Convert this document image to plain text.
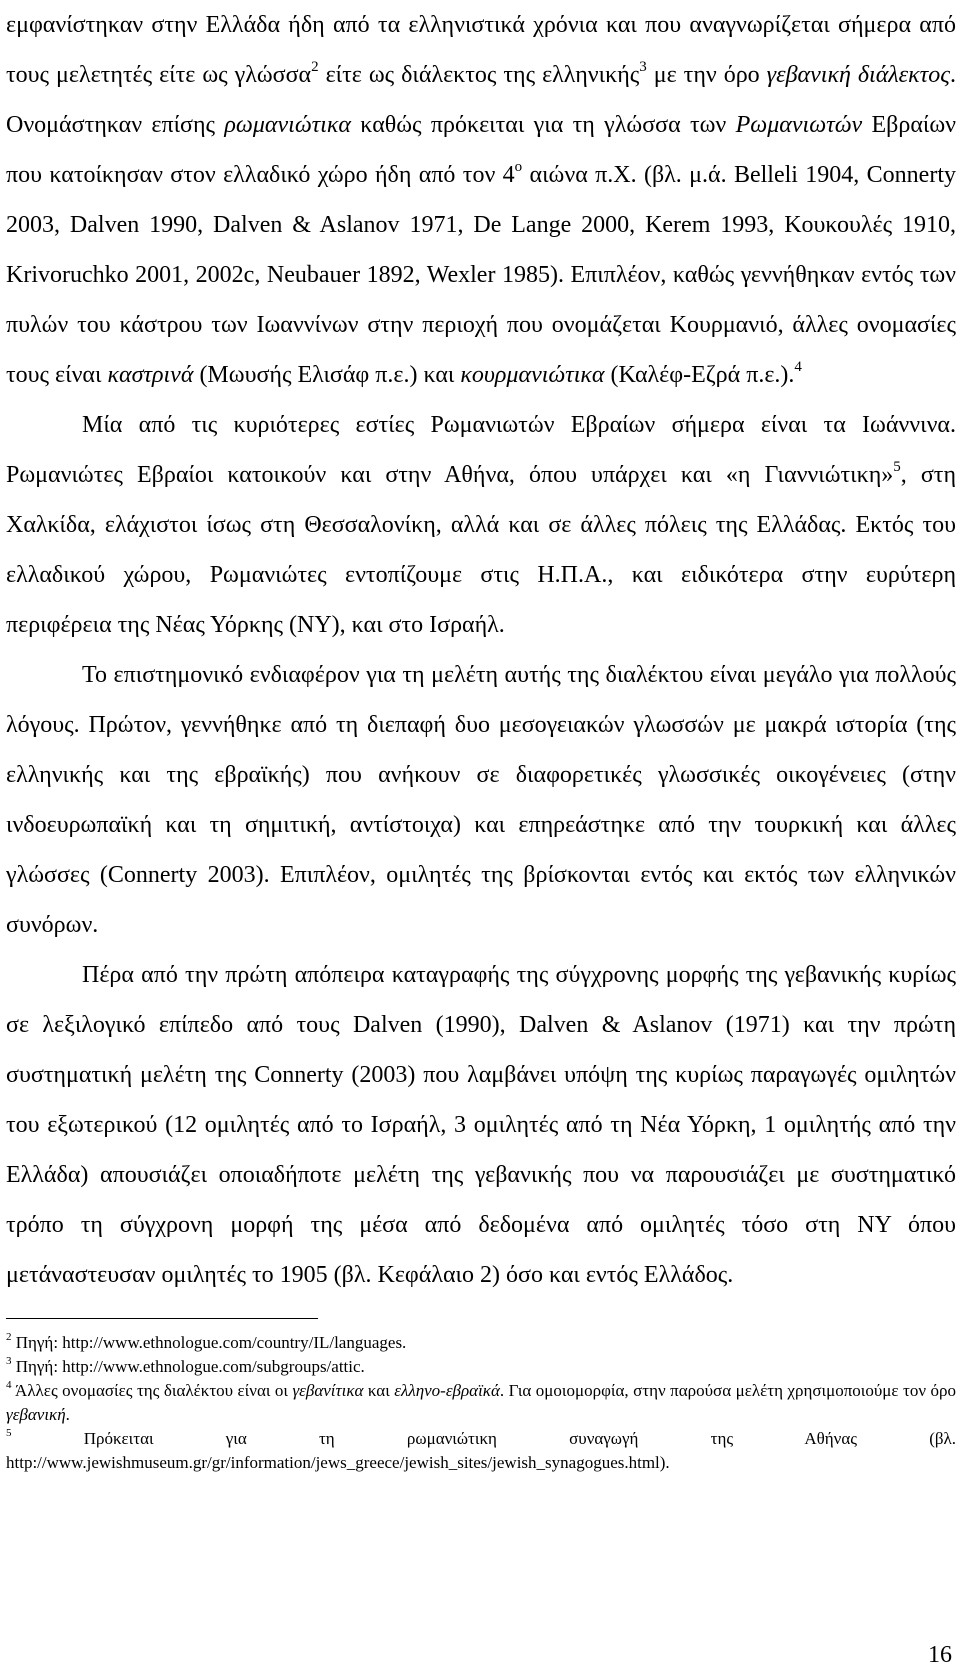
εμφανίστηκαν στην Ελλάδα ήδη από τα ελληνιστικά χρόνια και που αναγνωρίζεται σήμερα από τους μελετητές είτε ως γλώσσα$^2$ είτε ως διάλεκτος της ελληνικής$^3$ με την όρο γεβανική διάλεκτος. Ονομάστηκαν επίσης ρωμανιώτικα καθώς πρόκειται για τη γλώσσα των Ρωμανιωτών Εβραίων που κατοίκησαν στον ελλαδικό χώρο ήδη από τον $4^o$ αιώνα π.Χ. (βλ. μ.ά. Belleli 1904, Connerty 2003, Dalven 1990, Dalven & Aslanov 1971, De Lange 2000, Kerem 1993, Κουκουλές 1910, Krivoruchko 2001, 2002c, Neubauer 1892, Wexler 1985). Επιπλέον, καθώς γεννήθηκαν εντός των πυλών του κάστρου των Ιωαννίνων στην περιοχή που ονομάζεται Κουρμανιό, άλλες ονομασίες τους είναι καστρινά (Μωυσής Ελισάφ π.ε.) και κουρμανιώτικα (Καλέφ-Εζρά π.ε.).$^4$

Μία από τις κυριότερες εστίες Ρωμανιωτών Εβραίων σήμερα είναι τα Ιωάννινα. Ρωμανιώτες Εβραίοι κατοικούν και στην Αθήνα, όπου υπάρχει και «η Γιαννιώτικη»$^5$, στη Χαλκίδα, ελάχιστοι ίσως στη Θεσσαλονίκη, αλλά και σε άλλες πόλεις της Ελλάδας. Εκτός του ελλαδικού χώρου, Ρωμανιώτες εντοπίζουμε στις Η.Π.Α., και ειδικότερα στην ευρύτερη περιφέρεια της Νέας Υόρκης (ΝΥ), και στο Ισραήλ.

Το επιστημονικό ενδιαφέρον για τη μελέτη αυτής της διαλέκτου είναι μεγάλο για πολλούς λόγους. Πρώτον, γεννήθηκε από τη διεπαφή δυο μεσογειακών γλωσσών με μακρά ιστορία (της ελληνικής και της εβραϊκής) που ανήκουν σε διαφορετικές γλωσσικές οικογένειες (στην ινδοευρωπαϊκή και τη σημιτική, αντίστοιχα) και επηρεάστηκε από την τουρκική και άλλες γλώσσες (Connerty 2003). Επιπλέον, ομιλητές της βρίσκονται εντός και εκτός των ελληνικών συνόρων.

Πέρα από την πρώτη απόπειρα καταγραφής της σύγχρονης μορφής της γεβανικής κυρίως σε λεξιλογικό επίπεδο από τους Dalven (1990), Dalven & Aslanov (1971) και την πρώτη συστηματική μελέτη της Connerty (2003) που λαμβάνει υπόψη της κυρίως παραγωγές ομιλητών του εξωτερικού (12 ομιλητές από το Ισραήλ, 3 ομιλητές από τη Νέα Υόρκη, 1 ομιλητής από την Ελλάδα) απουσιάζει οποιαδήποτε μελέτη της γεβανικής που να παρουσιάζει με συστηματικό τρόπο τη σύγχρονη μορφή της μέσα από δεδομένα από ομιλητές τόσο στη ΝΥ όπου μετάναστευσαν ομιλητές το 1905 (βλ. Κεφάλαιο 2) όσο και εντός Ελλάδος.

$^2$ Πηγή: http://www.ethnologue.com/country/IL/languages.

$^3$ Πηγή: http://www.ethnologue.com/subgroups/attic.

$^4$ Άλλες ονομασίες της διαλέκτου είναι οι γεβανίτικα και ελληνο-εβραϊκά. Για ομοιομορφία, στην παρούσα μελέτη χρησιμοποιούμε τον όρο γεβανική.

$^5$ Πρόκειται για τη ρωμανιώτικη συναγωγή της Αθήνας (βλ. http://www.jewishmuseum.gr/gr/information/jews_greece/jewish_sites/jewish_synagogues.html).

16
